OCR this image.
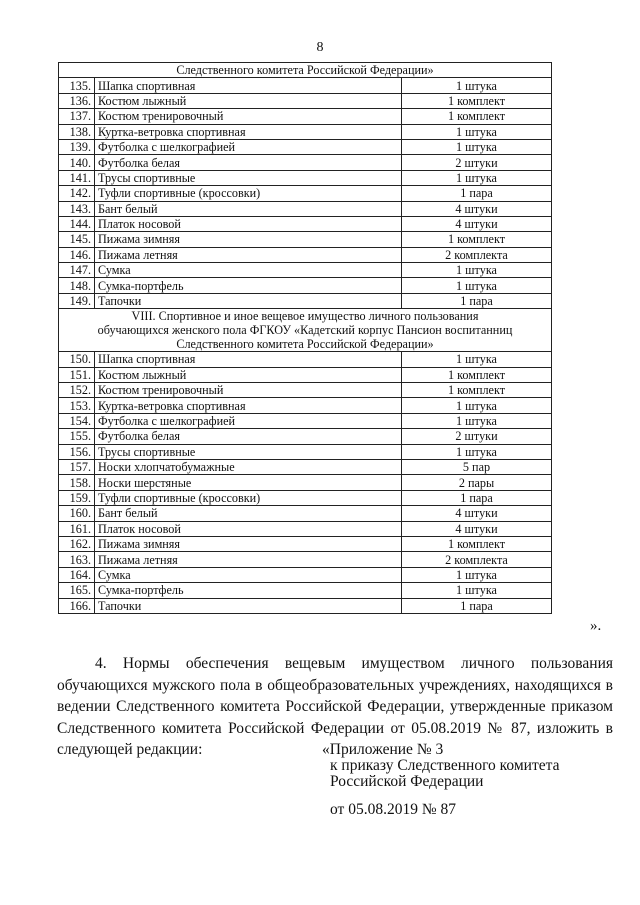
8
Следственного комитета Российской Федерации»		
135.	Шапка спортивная	1 штука
136.	Костюм лыжный	1 комплект
137.	Костюм тренировочный	1 комплект
138.	Куртка-ветровка спортивная	1 штука
139.	Футболка с шелкографией	1 штука
140.	Футболка белая	2 штуки
141.	Трусы спортивные	1 штука
142.	Туфли спортивные (кроссовки)	1 пара
143.	Бант белый	4 штуки
144.	Платок носовой	4 штуки
145.	Пижама зимняя	1 комплект
146.	Пижама летняя	2 комплекта
147.	Сумка	1 штука
148.	Сумка-портфель	1 штука
149.	Тапочки	1 пара

VIII. Спортивное и иное вещевое имущество личного пользования
обучающихся женского пола ФГКОУ «Кадетский корпус Пансион воспитанниц
Следственного комитета Российской Федерации»		

150.	Шапка спортивная	1 штука
151.	Костюм лыжный	1 комплект
152.	Костюм тренировочный	1 комплект
153.	Куртка-ветровка спортивная	1 штука
154.	Футболка с шелкографией	1 штука
155.	Футболка белая	2 штуки
156.	Трусы спортивные	1 штука
157.	Носки хлопчатобумажные	5 пар
158.	Носки шерстяные	2 пары
159.	Туфли спортивные (кроссовки)	1 пара
160.	Бант белый	4 штуки
161.	Платок носовой	4 штуки
162.	Пижама зимняя	1 комплект
163.	Пижама летняя	2 комплекта
164.	Сумка	1 штука
165.	Сумка-портфель	1 штука
166.	Тапочки	1 пара
».
4. Нормы обеспечения вещевым имуществом личного пользования обучающихся мужского пола в общеобразовательных учреждениях, находящихся в ведении Следственного комитета Российской Федерации, утвержденные приказом Следственного комитета Российской Федерации от 05.08.2019 № 87, изложить в следующей редакции:	«Приложение № 3
к приказу Следственного комитета
Российской Федерации
от 05.08.2019 № 87
